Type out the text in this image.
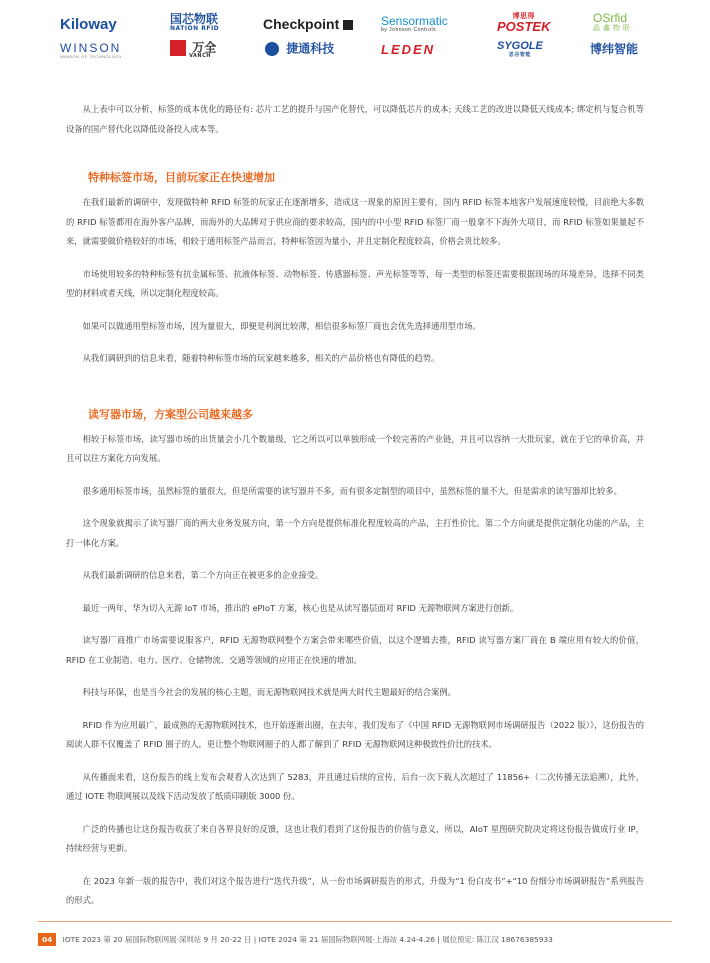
Kiloway	国芯物联
NATION RFID	Checkpoint	Sensormatic
by Johnson Controls
博思得
POSTEK
OSrfid
晶 鑫 物 联
WINSON
WINSON OF TECHNOLOGY
万全
VANCH
捷通科技	LEDEN	SYGOLE
思谷智能	博纬智能

从上表中可以分析，标签的成本优化的路径有: 芯片工艺的提升与国产化替代，可以降低芯片的成本; 天线工艺的改进以降低天线成本; 绑定机与复合机等设备的国产替代化以降低设备投入成本等。

特种标签市场，目前玩家正在快速增加

在我们最新的调研中，发现做特种 RFID 标签的玩家正在逐渐增多，造成这一现象的原因主要有，国内 RFID 标签本地客户发展速度较慢，目前绝大多数的 RFID 标签都用在海外客户品牌，而海外的大品牌对于供应商的要求较高，国内的中小型 RFID 标签厂商一般拿不下海外大项目，而 RFID 标签如果量起不来，就需要做价格较好的市场，相较于通用标签产品而言，特种标签因为量小，并且定制化程度较高，价格会贵比较多。

市场使用较多的特种标签有抗金属标签、抗液体标签、动物标签、传感器标签、声光标签等等，每一类型的标签还需要根据现场的环境差异，选择不同类型的材料或者天线，所以定制化程度较高。

如果可以做通用型标签市场，因为量很大，即便是利润比较薄，相信很多标签厂商也会优先选择通用型市场。

从我们调研到的信息来看，随着特种标签市场的玩家越来越多，相关的产品价格也有降低的趋势。

读写器市场，方案型公司越来越多

相较于标签市场，读写器市场的出货量会小几个数量级，它之所以可以单独形成一个较完善的产业链，并且可以容纳一大批玩家，就在于它的单价高，并且可以往方案化方向发展。

很多通用标签市场，虽然标签的量很大，但是所需要的读写器并不多，而有很多定制型的项目中，虽然标签的量不大，但是需求的读写器却比较多。

这个现象就揭示了读写器厂商的两大业务发展方向，第一个方向是提供标准化程度较高的产品，主打性价比。第二个方向就是提供定制化功能的产品，主打一体化方案。

从我们最新调研的信息来看，第二个方向正在被更多的企业接受。

最近一两年，华为切入无源 IoT 市场，推出的 ePIoT 方案，核心也是从读写器层面对 RFID 无源物联网方案进行创新。

读写器厂商推广市场需要说服客户，RFID 无源物联网整个方案会带来哪些价值，以这个逻辑去推，RFID 读写器方案厂商在 B 端应用有较大的价值，RFID 在工业制造、电力、医疗、仓储物流、交通等领域的应用正在快速的增加。

科技与环保，也是当今社会的发展的核心主题，而无源物联网技术就是两大时代主题最好的结合案例。

RFID 作为应用最广，最成熟的无源物联网技术，也开始逐渐出圈，在去年，我们发布了《中国 RFID 无源物联网市场调研报告（2022 版）》，这份报告的阅读人群不仅覆盖了 RFID 圈子的人，更让整个物联网圈子的人都了解到了 RFID 无源物联网这种极致性价比的技术。

从传播面来看，这份报告的线上发布会观看人次达到了 5283，并且通过后续的宣传，后台一次下载人次超过了 11856+（二次传播无法追溯），此外，通过 IOTE 物联网展以及线下活动发放了纸质印刷版 3000 份。

广泛的传播也让这份报告收获了来自各界良好的反馈，这也让我们看到了这份报告的价值与意义，所以，AIoT 星图研究院决定将这份报告做成行业 IP，持续经营与更新。

在 2023 年新一版的报告中，我们对这个报告进行“迭代升级”，从一份市场调研报告的形式，升级为“1 份白皮书”+“10 份细分市场调研报告”系列报告的形式。

04 IOTE 2023 第 20 届国际物联网展·深圳站 9 月 20-22 日 | IOTE 2024 第 21 届国际物联网展·上海站 4.24-4.26 | 展位预定: 陈江汉 18676385933
